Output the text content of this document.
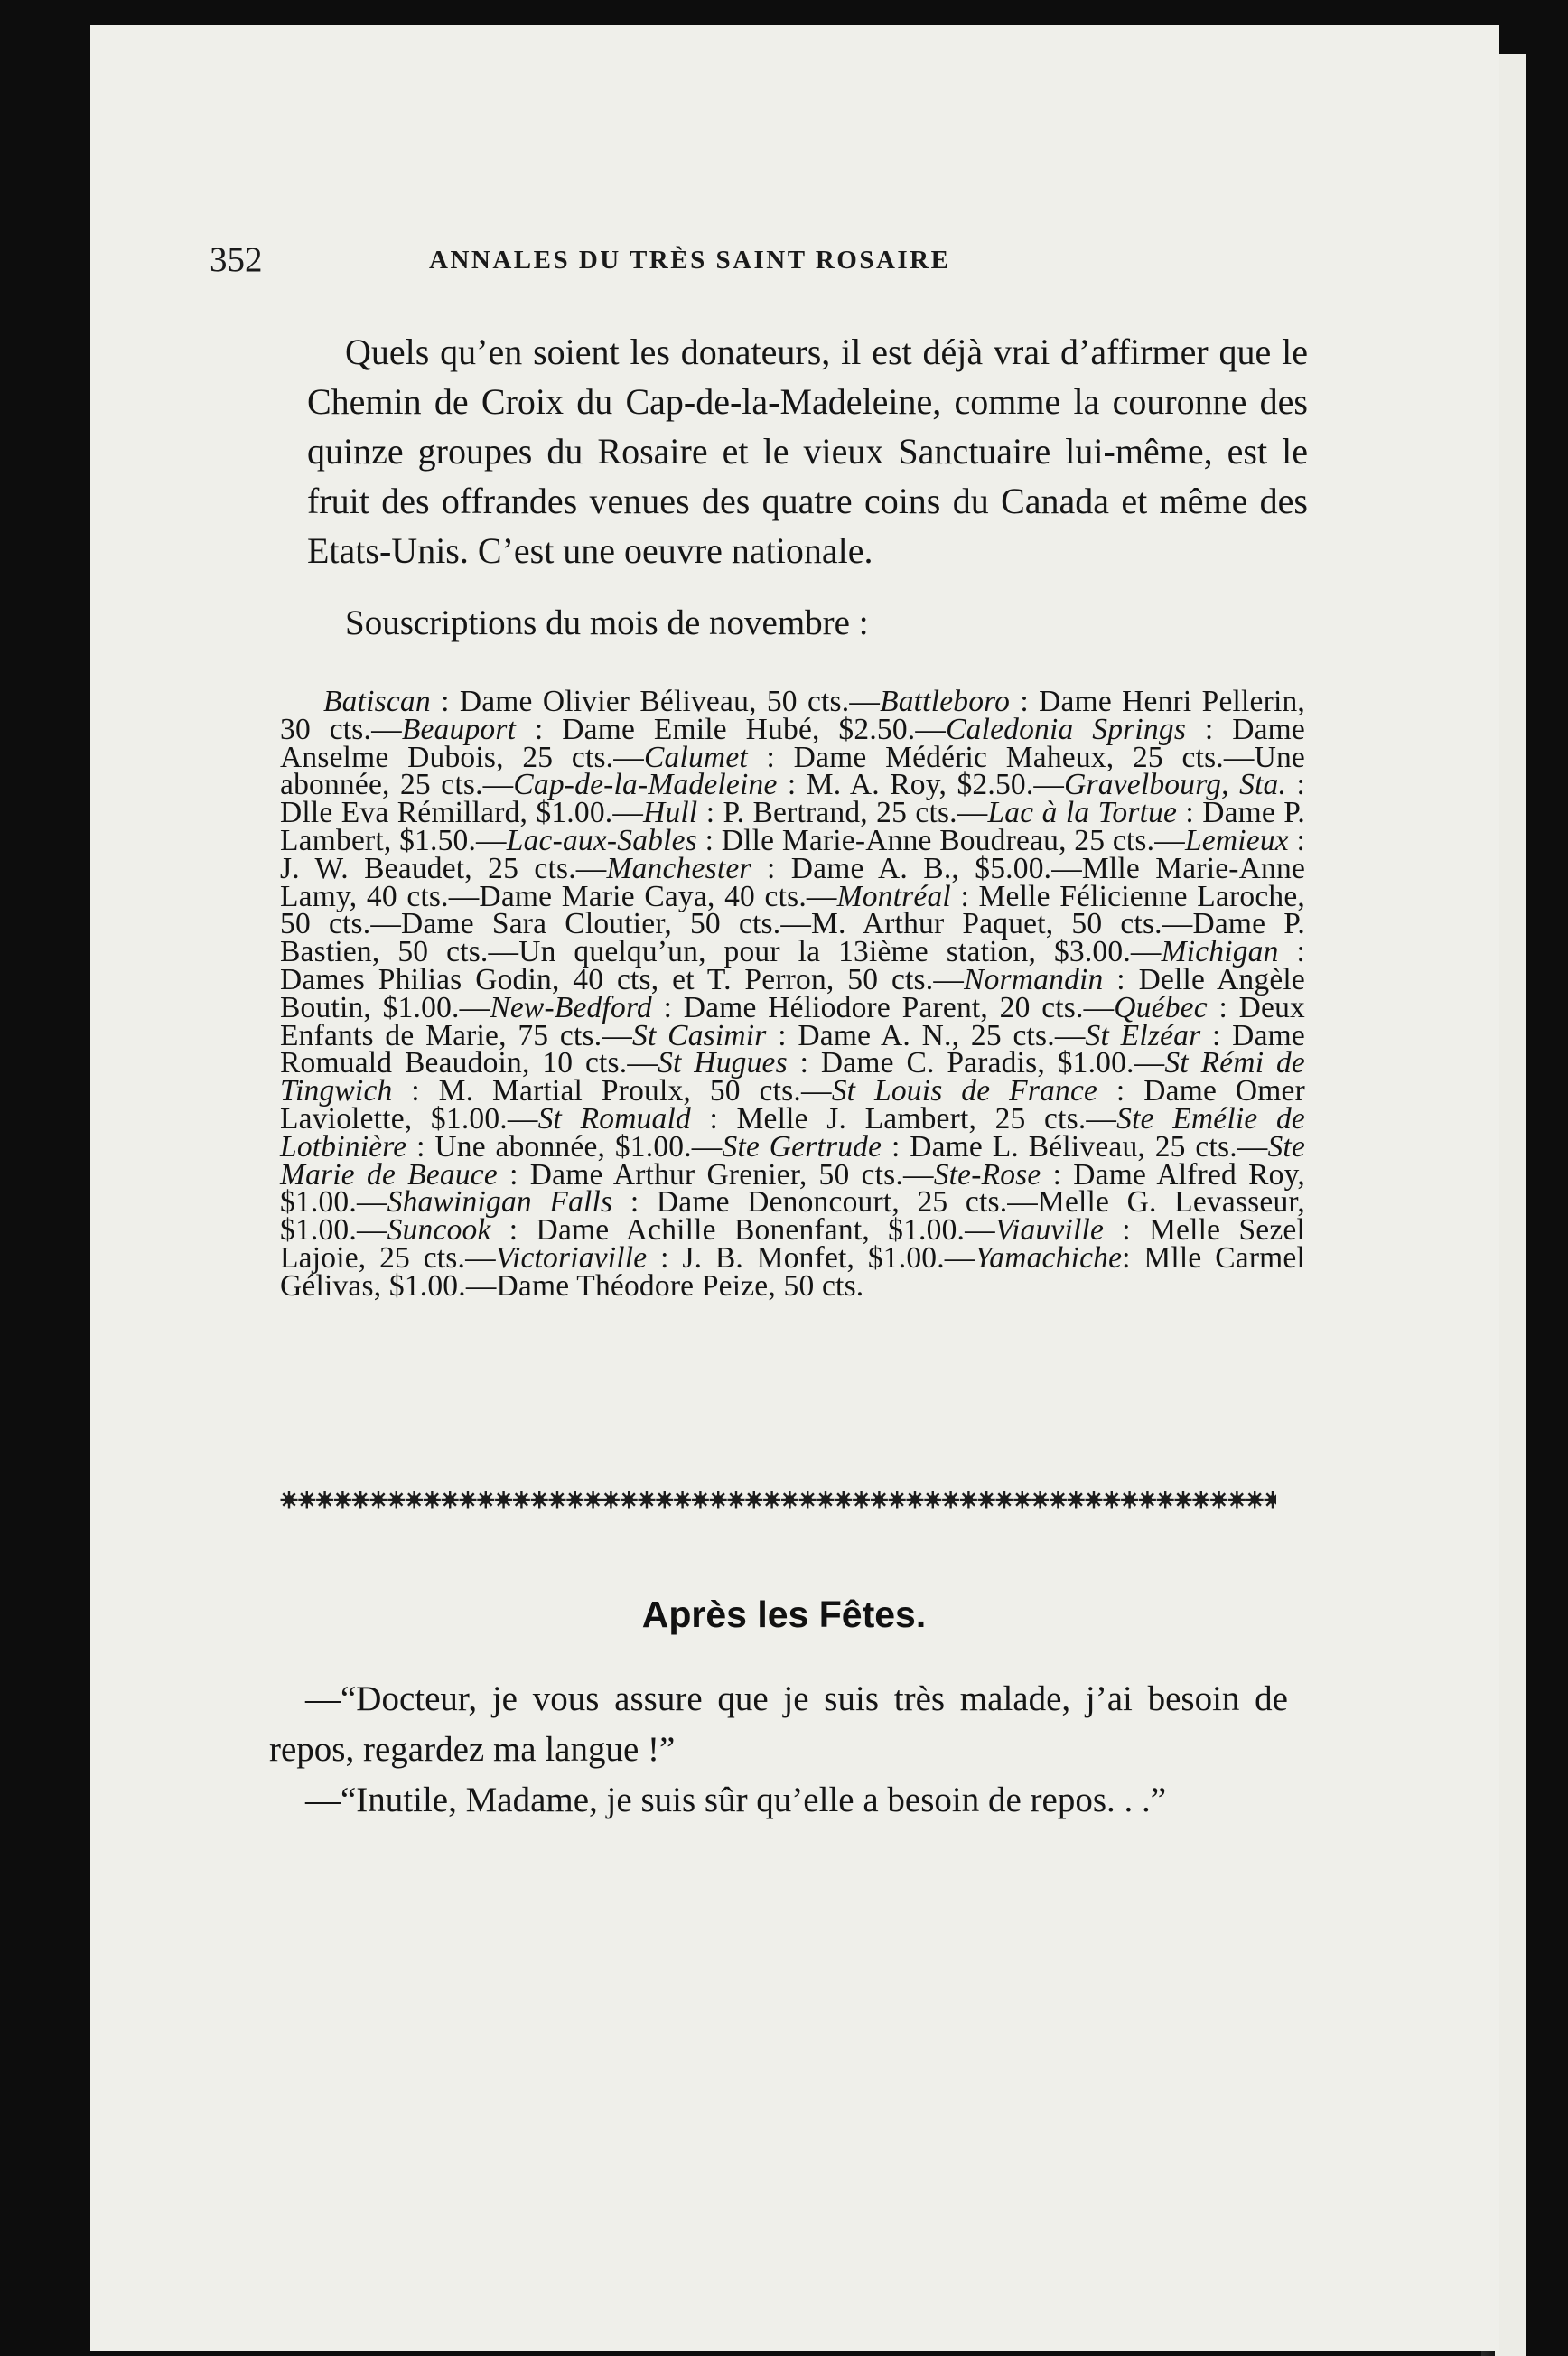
352	ANNALES DU TRÈS SAINT ROSAIRE

Quels qu’en soient les donateurs, il est déjà vrai d’affirmer que le Chemin de Croix du Cap-de-la-Madeleine, comme la couronne des quinze groupes du Rosaire et le vieux Sanctuaire lui-même, est le fruit des offrandes venues des quatre coins du Canada et même des Etats-Unis. C’est une oeuvre nationale.

Souscriptions du mois de novembre :

Batiscan : Dame Olivier Béliveau, 50 cts.—Battleboro : Dame Henri Pellerin, 30 cts.—Beauport : Dame Emile Hubé, $2.50.—Caledonia Springs : Dame Anselme Dubois, 25 cts.—Calumet : Dame Médéric Maheux, 25 cts.—Une abonnée, 25 cts.—Cap-de-la-Madeleine : M. A. Roy, $2.50.—Gravelbourg, Sta. : Dlle Eva Rémillard, $1.00.—Hull : P. Bertrand, 25 cts.—Lac à la Tortue : Dame P. Lambert, $1.50.—Lac-aux-Sables : Dlle Marie-Anne Boudreau, 25 cts.—Lemieux : J. W. Beaudet, 25 cts.—Manchester : Dame A. B., $5.00.—Mlle Marie-Anne Lamy, 40 cts.—Dame Marie Caya, 40 cts.—Montréal : Melle Félicienne Laroche, 50 cts.—Dame Sara Cloutier, 50 cts.—M. Arthur Paquet, 50 cts.—Dame P. Bastien, 50 cts.—Un quelqu’un, pour la 13ième station, $3.00.—Michigan : Dames Philias Godin, 40 cts, et T. Perron, 50 cts.—Normandin : Delle Angèle Boutin, $1.00.—New-Bedford : Dame Héliodore Parent, 20 cts.—Québec : Deux Enfants de Marie, 75 cts.—St Casimir : Dame A. N., 25 cts.—St Elzéar : Dame Romuald Beaudoin, 10 cts.—St Hugues : Dame C. Paradis, $1.00.—St Rémi de Tingwich : M. Martial Proulx, 50 cts.—St Louis de France : Dame Omer Laviolette, $1.00.—St Romuald : Melle J. Lambert, 25 cts.—Ste Emélie de Lotbinière : Une abonnée, $1.00.—Ste Gertrude : Dame L. Béliveau, 25 cts.—Ste Marie de Beauce : Dame Arthur Grenier, 50 cts.—Ste-Rose : Dame Alfred Roy, $1.00.—Shawinigan Falls : Dame Denoncourt, 25 cts.—Melle G. Levasseur, $1.00.—Suncook : Dame Achille Bonenfant, $1.00.—Viauville : Melle Sezel Lajoie, 25 cts.—Victoriaville : J. B. Monfet, $1.00.—Yamachiche: Mlle Carmel Gélivas, $1.00.—Dame Théodore Peize, 50 cts.

Après les Fêtes.

—“Docteur, je vous assure que je suis très malade, j’ai besoin de repos, regardez ma langue !”

—“Inutile, Madame, je suis sûr qu’elle a besoin de repos. . .”
